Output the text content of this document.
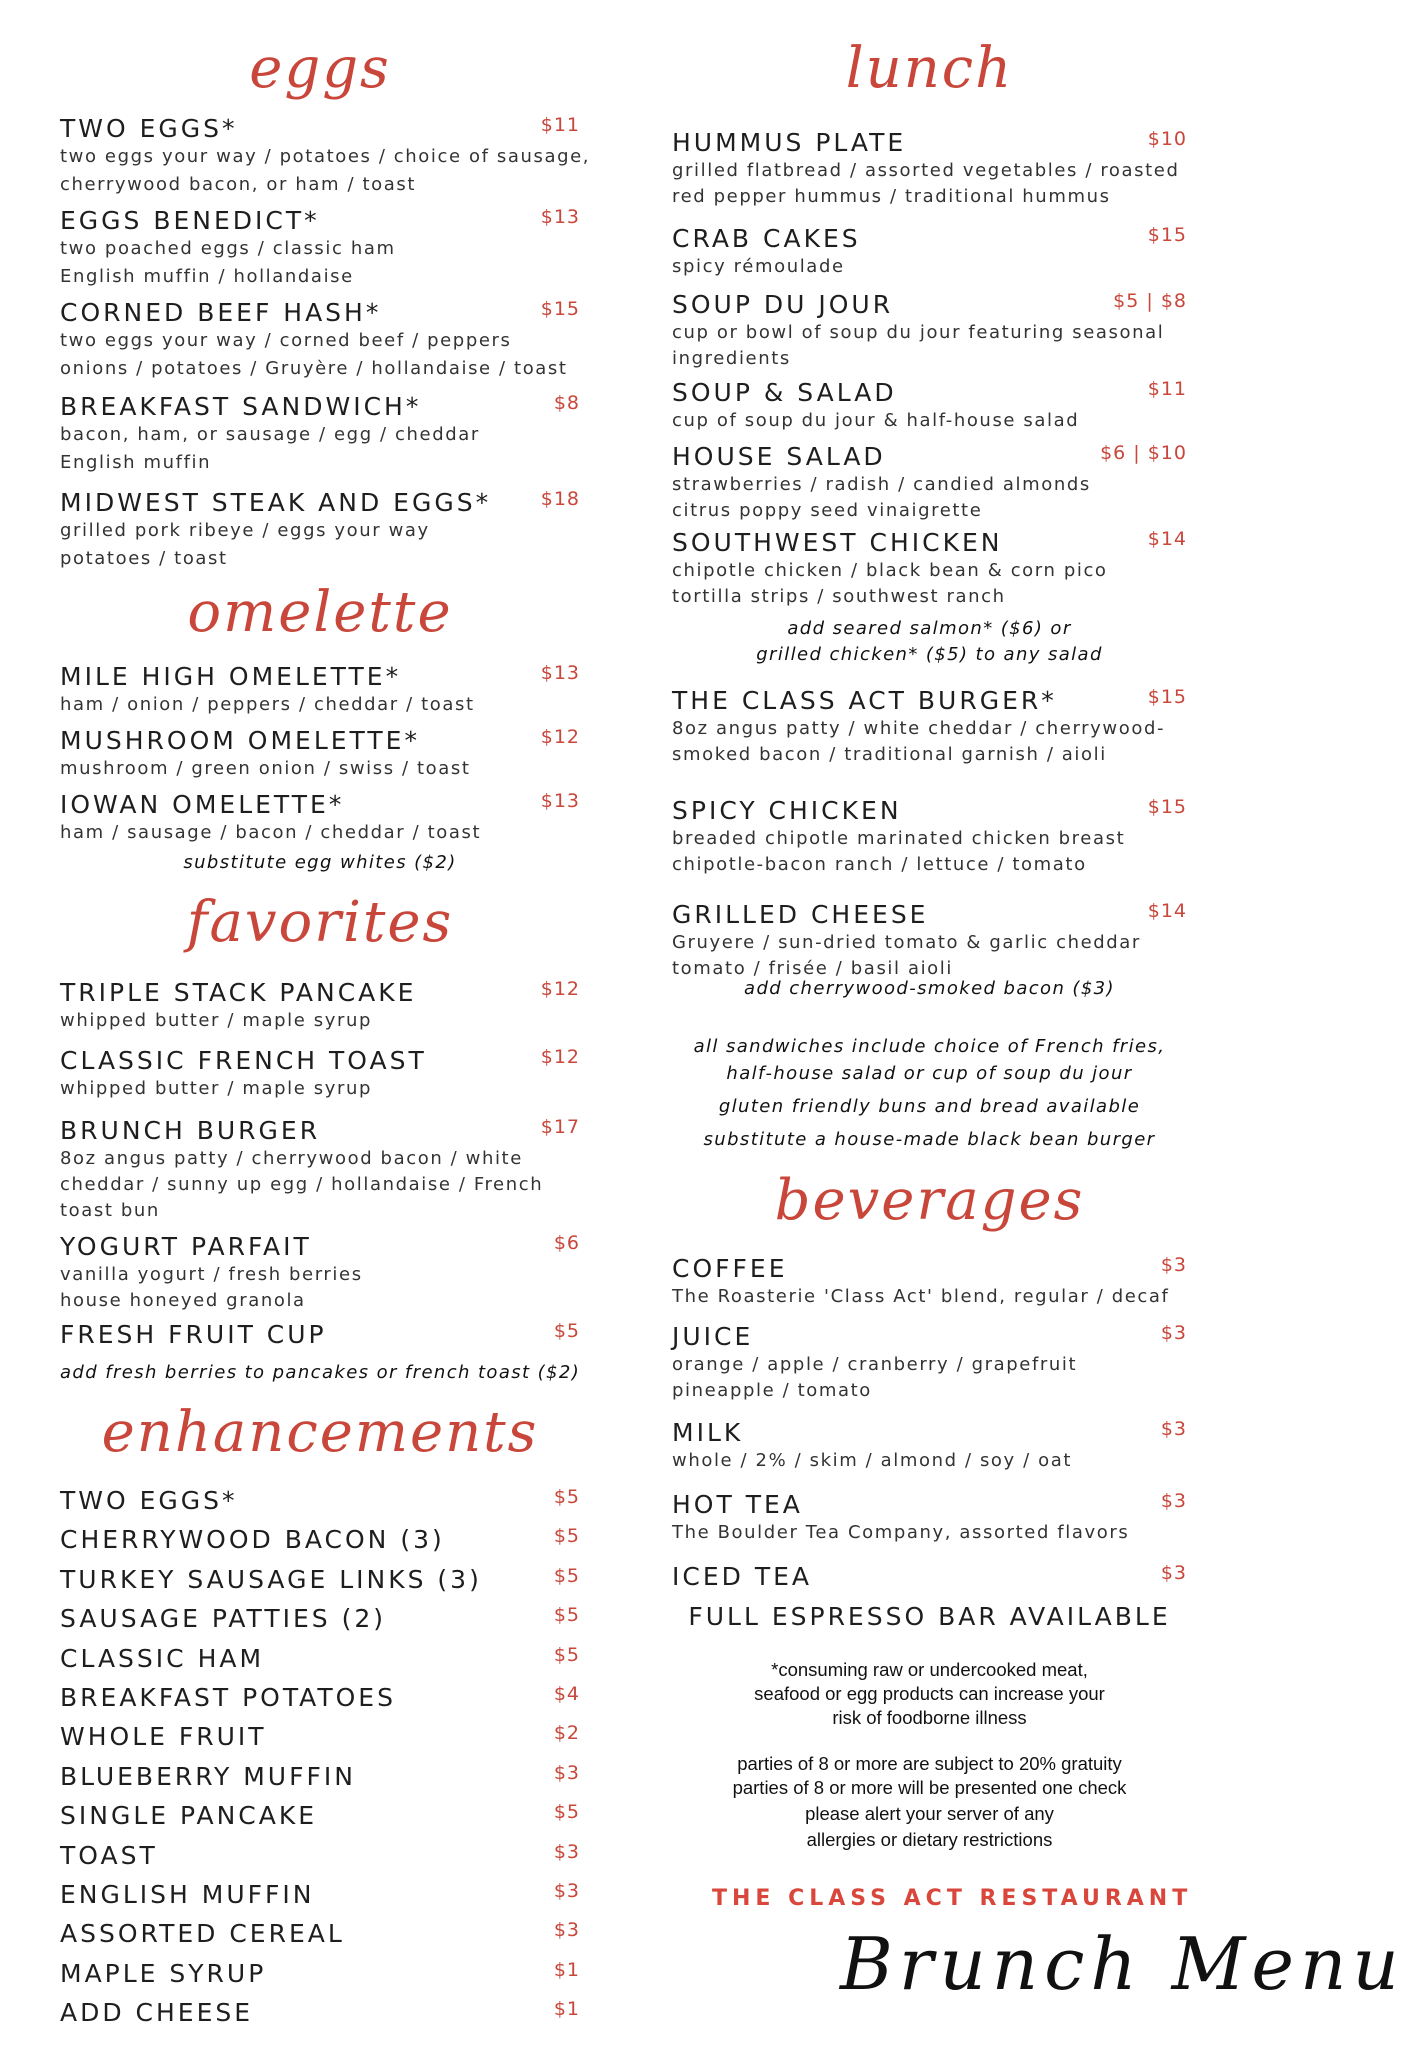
eggs
TWO EGGS*	$11
two eggs your way / potatoes / choice of sausage,
cherrywood bacon, or ham / toast
EGGS BENEDICT*	$13
two poached eggs / classic ham
English muffin / hollandaise
CORNED BEEF HASH*	$15
two eggs your way / corned beef / peppers
onions / potatoes / Gruyère / hollandaise / toast
BREAKFAST SANDWICH*	$8
bacon, ham, or sausage / egg / cheddar
English muffin
MIDWEST STEAK AND EGGS*	$18
grilled pork ribeye / eggs your way
potatoes / toast
omelette
MILE HIGH OMELETTE*	$13
ham / onion / peppers / cheddar / toast
MUSHROOM OMELETTE*	$12
mushroom / green onion / swiss / toast
IOWAN OMELETTE*	$13
ham / sausage / bacon / cheddar / toast
substitute egg whites ($2)
favorites
TRIPLE STACK PANCAKE	$12
whipped butter / maple syrup
CLASSIC FRENCH TOAST	$12
whipped butter / maple syrup
BRUNCH BURGER	$17
8oz angus patty / cherrywood bacon / white
cheddar / sunny up egg / hollandaise / French
toast bun
YOGURT PARFAIT	$6
vanilla yogurt / fresh berries
house honeyed granola
FRESH FRUIT CUP	$5
add fresh berries to pancakes or french toast ($2)
enhancements
TWO EGGS*	$5
CHERRYWOOD BACON (3)	$5
TURKEY SAUSAGE LINKS (3)	$5
SAUSAGE PATTIES (2)	$5
CLASSIC HAM	$5
BREAKFAST POTATOES	$4
WHOLE FRUIT	$2
BLUEBERRY MUFFIN	$3
SINGLE PANCAKE	$5
TOAST	$3
ENGLISH MUFFIN	$3
ASSORTED CEREAL	$3
MAPLE SYRUP	$1
ADD CHEESE	$1
lunch
HUMMUS PLATE	$10
grilled flatbread / assorted vegetables / roasted
red pepper hummus / traditional hummus
CRAB CAKES	$15
spicy rémoulade
SOUP DU JOUR	$5 | $8
cup or bowl of soup du jour featuring seasonal
ingredients
SOUP & SALAD	$11
cup of soup du jour & half-house salad
HOUSE SALAD	$6 | $10
strawberries / radish / candied almonds
citrus poppy seed vinaigrette
SOUTHWEST CHICKEN	$14
chipotle chicken / black bean & corn pico
tortilla strips / southwest ranch
add seared salmon* ($6) or
grilled chicken* ($5) to any salad
THE CLASS ACT BURGER*	$15
8oz angus patty / white cheddar / cherrywood-
smoked bacon / traditional garnish / aioli
SPICY CHICKEN	$15
breaded chipotle marinated chicken breast
chipotle-bacon ranch / lettuce / tomato
GRILLED CHEESE	$14
Gruyere / sun-dried tomato & garlic cheddar
tomato / frisée / basil aioli
add cherrywood-smoked bacon ($3)
all sandwiches include choice of French fries,
half-house salad or cup of soup du jour
gluten friendly buns and bread available
substitute a house-made black bean burger
beverages
COFFEE	$3
The Roasterie 'Class Act' blend, regular / decaf
JUICE	$3
orange / apple / cranberry / grapefruit
pineapple / tomato
MILK	$3
whole / 2% / skim / almond / soy / oat
HOT TEA	$3
The Boulder Tea Company, assorted flavors
ICED TEA	$3
FULL ESPRESSO BAR AVAILABLE
*consuming raw or undercooked meat,
seafood or egg products can increase your
risk of foodborne illness
parties of 8 or more are subject to 20% gratuity
parties of 8 or more will be presented one check
please alert your server of any
allergies or dietary restrictions
THE CLASS ACT RESTAURANT
Brunch Menu
